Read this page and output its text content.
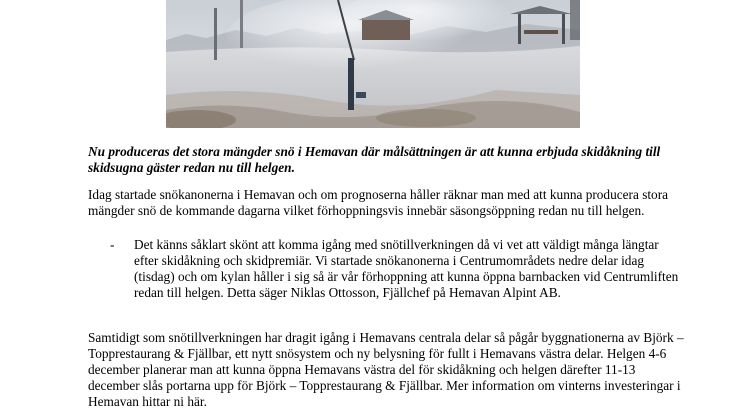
Nu produceras det stora mängder snö i Hemavan där målsättningen är att kunna erbjuda skidåkning till skidsugna gäster redan nu till helgen.

Idag startade snökanonerna i Hemavan och om prognoserna håller räknar man med att kunna producera stora mängder snö de kommande dagarna vilket förhoppningsvis innebär säsongsöppning redan nu till helgen.

-	Det känns såklart skönt att komma igång med snötillverkningen då vi vet att väldigt många längtar efter skidåkning och skidpremiär. Vi startade snökanonerna i Centrumområdets nedre delar idag (tisdag) och om kylan håller i sig så är vår förhoppning att kunna öppna barnbacken vid Centrumliften redan till helgen. Detta säger Niklas Ottosson, Fjällchef på Hemavan Alpint AB.

Samtidigt som snötillverkningen har dragit igång i Hemavans centrala delar så pågår byggnationerna av Björk –Topprestaurang & Fjällbar, ett nytt snösystem och ny belysning för fullt i Hemavans västra delar. Helgen 4-6 december planerar man att kunna öppna Hemavans västra del för skidåkning och helgen därefter 11-13 december slås portarna upp för Björk – Topprestaurang & Fjällbar. Mer information om vinterns investeringar i Hemavan hittar ni här.
